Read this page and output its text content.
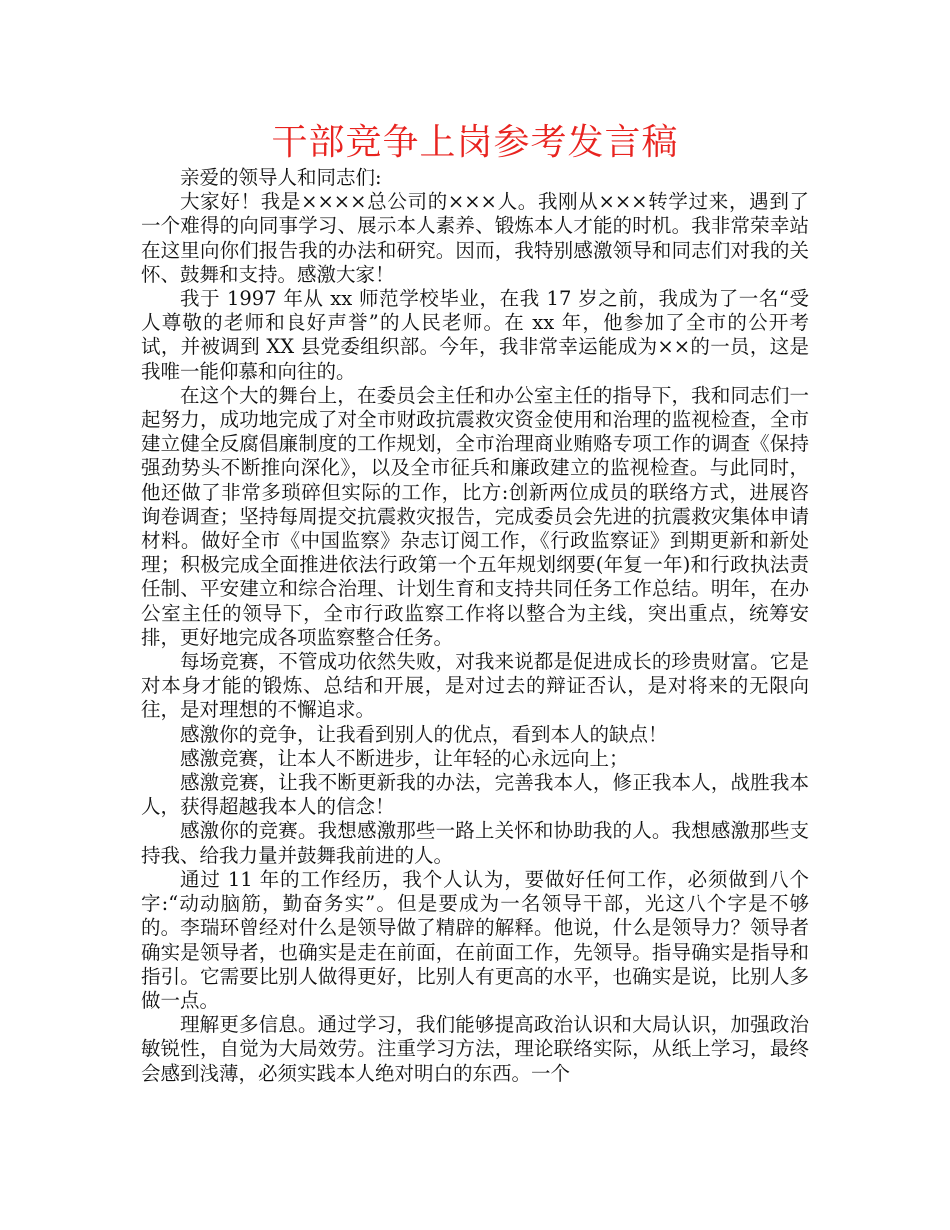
干部竞争上岗参考发言稿

亲爱的领导人和同志们:

大家好！我是××××总公司的×××人。我刚从×××转学过来，遇到了一个难得的向同事学习、展示本人素养、锻炼本人才能的时机。我非常荣幸站在这里向你们报告我的办法和研究。因而，我特别感激领导和同志们对我的关怀、鼓舞和支持。感激大家！

我于 1997 年从 xx 师范学校毕业，在我 17 岁之前，我成为了一名“受人尊敬的老师和良好声誉”的人民老师。在 xx 年，他参加了全市的公开考试，并被调到 XX 县党委组织部。今年，我非常幸运能成为××的一员，这是我唯一能仰慕和向往的。

在这个大的舞台上，在委员会主任和办公室主任的指导下，我和同志们一起努力，成功地完成了对全市财政抗震救灾资金使用和治理的监视检查，全市建立健全反腐倡廉制度的工作规划，全市治理商业贿赂专项工作的调查《保持强劲势头不断推向深化》，以及全市征兵和廉政建立的监视检查。与此同时，他还做了非常多琐碎但实际的工作，比方:创新两位成员的联络方式，进展咨询卷调查；坚持每周提交抗震救灾报告，完成委员会先进的抗震救灾集体申请材料。做好全市《中国监察》杂志订阅工作，《行政监察证》到期更新和新处理；积极完成全面推进依法行政第一个五年规划纲要(年复一年)和行政执法责任制、平安建立和综合治理、计划生育和支持共同任务工作总结。明年，在办公室主任的领导下，全市行政监察工作将以整合为主线，突出重点，统筹安排，更好地完成各项监察整合任务。

每场竞赛，不管成功依然失败，对我来说都是促进成长的珍贵财富。它是对本身才能的锻炼、总结和开展，是对过去的辩证否认，是对将来的无限向往，是对理想的不懈追求。

感激你的竞争，让我看到别人的优点，看到本人的缺点！

感激竞赛，让本人不断进步，让年轻的心永远向上；

感激竞赛，让我不断更新我的办法，完善我本人，修正我本人，战胜我本人，获得超越我本人的信念！

感激你的竞赛。我想感激那些一路上关怀和协助我的人。我想感激那些支持我、给我力量并鼓舞我前进的人。

通过 11 年的工作经历，我个人认为，要做好任何工作，必须做到八个字:“动动脑筋，勤奋务实”。但是要成为一名领导干部，光这八个字是不够的。李瑞环曾经对什么是领导做了精辟的解释。他说，什么是领导力？领导者确实是领导者，也确实是走在前面，在前面工作，先领导。指导确实是指导和指引。它需要比别人做得更好，比别人有更高的水平，也确实是说，比别人多做一点。

理解更多信息。通过学习，我们能够提高政治认识和大局认识，加强政治敏锐性，自觉为大局效劳。注重学习方法，理论联络实际，从纸上学习，最终会感到浅薄，必须实践本人绝对明白的东西。一个
